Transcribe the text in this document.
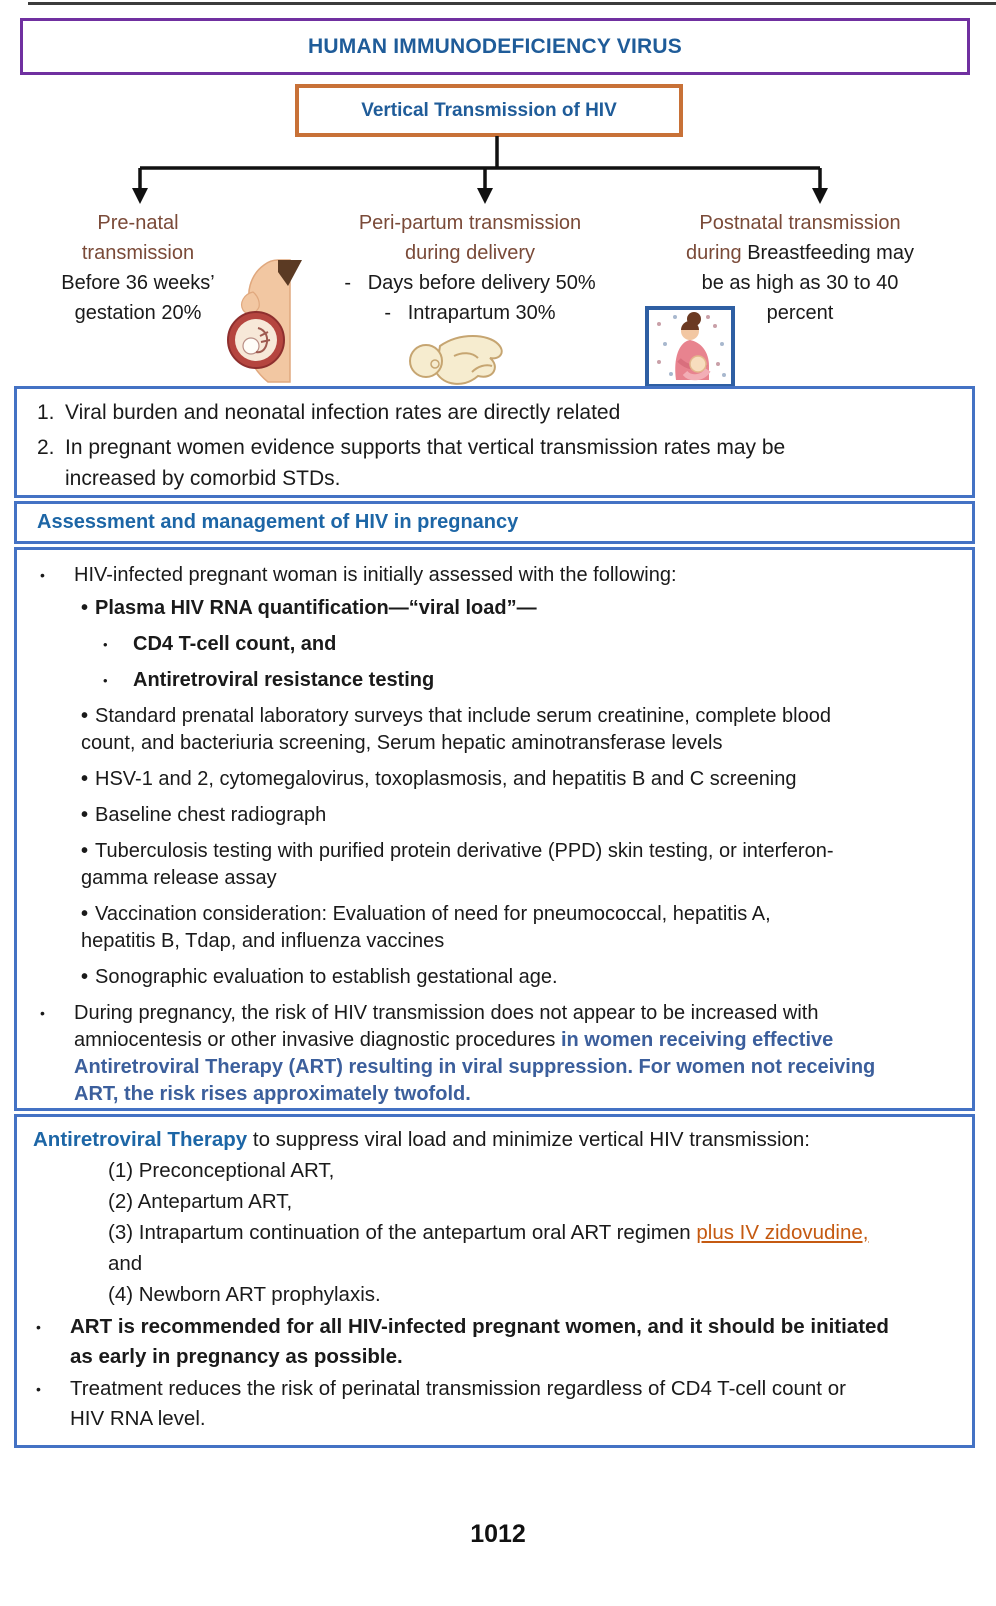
HUMAN IMMUNODEFICIENCY VIRUS
Vertical Transmission of HIV
Pre-natal
transmission
Before 36 weeks’
gestation 20%
Peri-partum transmission
during delivery
-   Days before delivery 50%
-   Intrapartum 30%
Postnatal transmission
during Breastfeeding may
be as high as 30 to 40
percent
1. Viral burden and neonatal infection rates are directly related
2. In pregnant women evidence supports that vertical transmission rates may be
increased by comorbid STDs.
Assessment and management of HIV in pregnancy
•	HIV-infected pregnant woman is initially assessed with the following:
• Plasma HIV RNA quantification—“viral load”—
•	CD4 T-cell count, and
•	Antiretroviral resistance testing
• Standard prenatal laboratory surveys that include serum creatinine, complete blood
count, and bacteriuria screening, Serum hepatic aminotransferase levels
• HSV-1 and 2, cytomegalovirus, toxoplasmosis, and hepatitis B and C screening
• Baseline chest radiograph
• Tuberculosis testing with purified protein derivative (PPD) skin testing, or interferon-
gamma release assay
• Vaccination consideration: Evaluation of need for pneumococcal, hepatitis A,
hepatitis B, Tdap, and influenza vaccines
• Sonographic evaluation to establish gestational age.
•	During pregnancy, the risk of HIV transmission does not appear to be increased with
amniocentesis or other invasive diagnostic procedures in women receiving effective
Antiretroviral Therapy (ART) resulting in viral suppression. For women not receiving
ART, the risk rises approximately twofold.
Antiretroviral Therapy to suppress viral load and minimize vertical HIV transmission:
(1) Preconceptional ART,
(2) Antepartum ART,
(3) Intrapartum continuation of the antepartum oral ART regimen plus IV zidovudine,
and
(4) Newborn ART prophylaxis.
•	ART is recommended for all HIV-infected pregnant women, and it should be initiated
as early in pregnancy as possible.
•	Treatment reduces the risk of perinatal transmission regardless of CD4 T-cell count or
HIV RNA level.
1012
